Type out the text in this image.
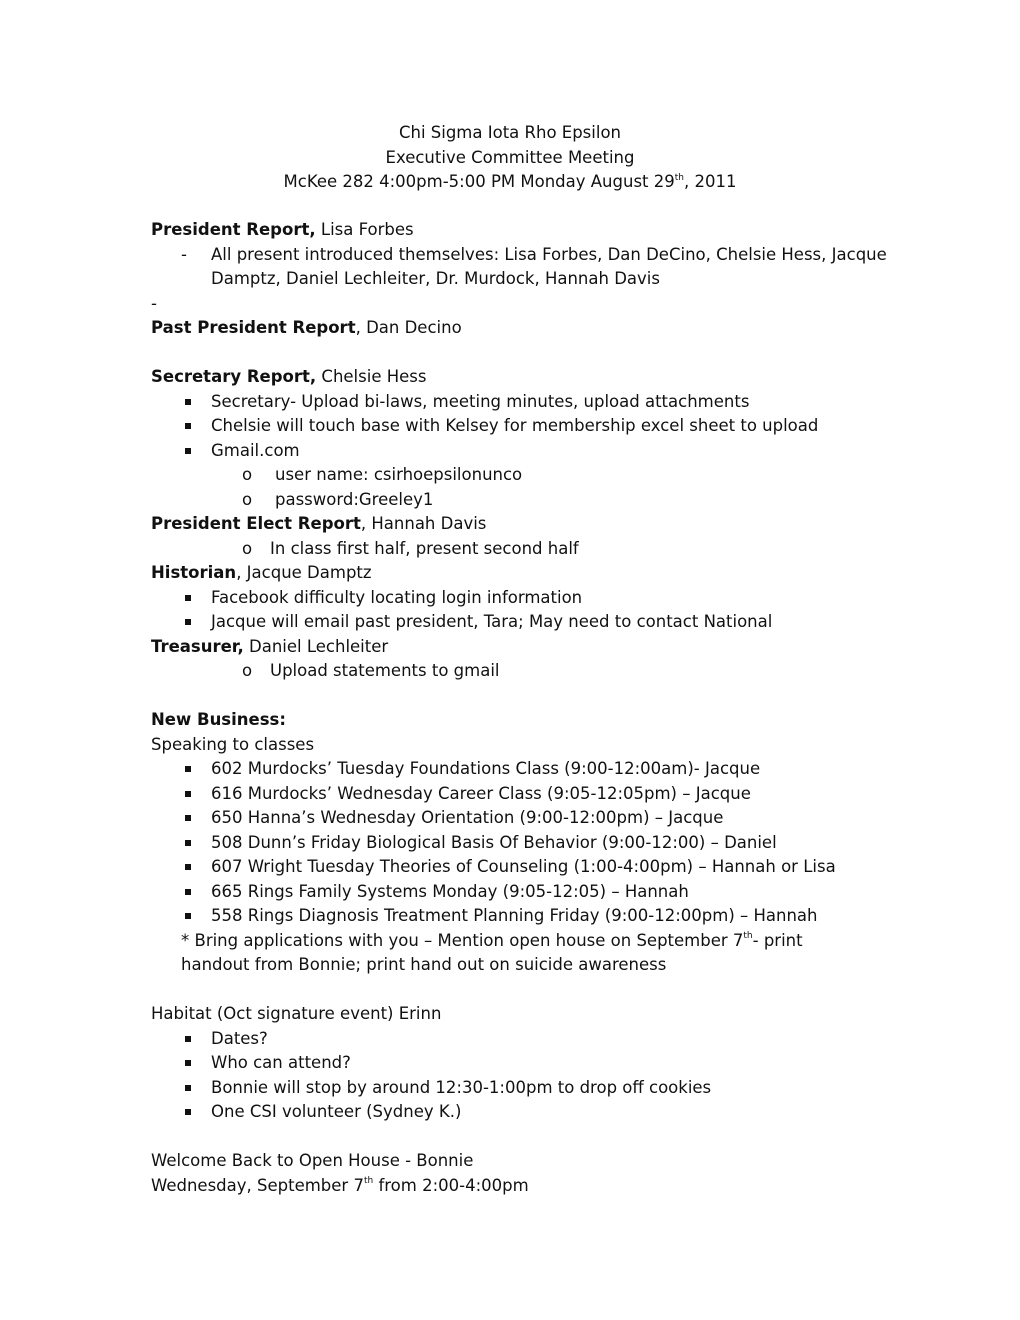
Chi Sigma Iota Rho Epsilon
Executive Committee Meeting
McKee 282 4:00pm-5:00 PM Monday August 29th, 2011
President Report, Lisa Forbes
- All present introduced themselves: Lisa Forbes, Dan DeCino, Chelsie Hess, Jacque
Damptz, Daniel Lechleiter, Dr. Murdock, Hannah Davis
-
Past President Report, Dan Decino
Secretary Report, Chelsie Hess
Secretary- Upload bi-laws, meeting minutes, upload attachments
Chelsie will touch base with Kelsey for membership excel sheet to upload
Gmail.com
o user name: csirhoepsilonunco
o password:Greeley1
President Elect Report, Hannah Davis
o In class first half, present second half
Historian, Jacque Damptz
Facebook difficulty locating login information
Jacque will email past president, Tara; May need to contact National
Treasurer, Daniel Lechleiter
o Upload statements to gmail
New Business:
Speaking to classes
602 Murdocks’ Tuesday Foundations Class (9:00-12:00am)- Jacque
616 Murdocks’ Wednesday Career Class (9:05-12:05pm) – Jacque
650 Hanna’s Wednesday Orientation (9:00-12:00pm) – Jacque
508 Dunn’s Friday Biological Basis Of Behavior (9:00-12:00) – Daniel
607 Wright Tuesday Theories of Counseling (1:00-4:00pm) – Hannah or Lisa
665 Rings Family Systems Monday (9:05-12:05) – Hannah
558 Rings Diagnosis Treatment Planning Friday (9:00-12:00pm) – Hannah
* Bring applications with you – Mention open house on September 7th- print
handout from Bonnie; print hand out on suicide awareness
Habitat (Oct signature event) Erinn
Dates?
Who can attend?
Bonnie will stop by around 12:30-1:00pm to drop off cookies
One CSI volunteer (Sydney K.)
Welcome Back to Open House - Bonnie
Wednesday, September 7th from 2:00-4:00pm
